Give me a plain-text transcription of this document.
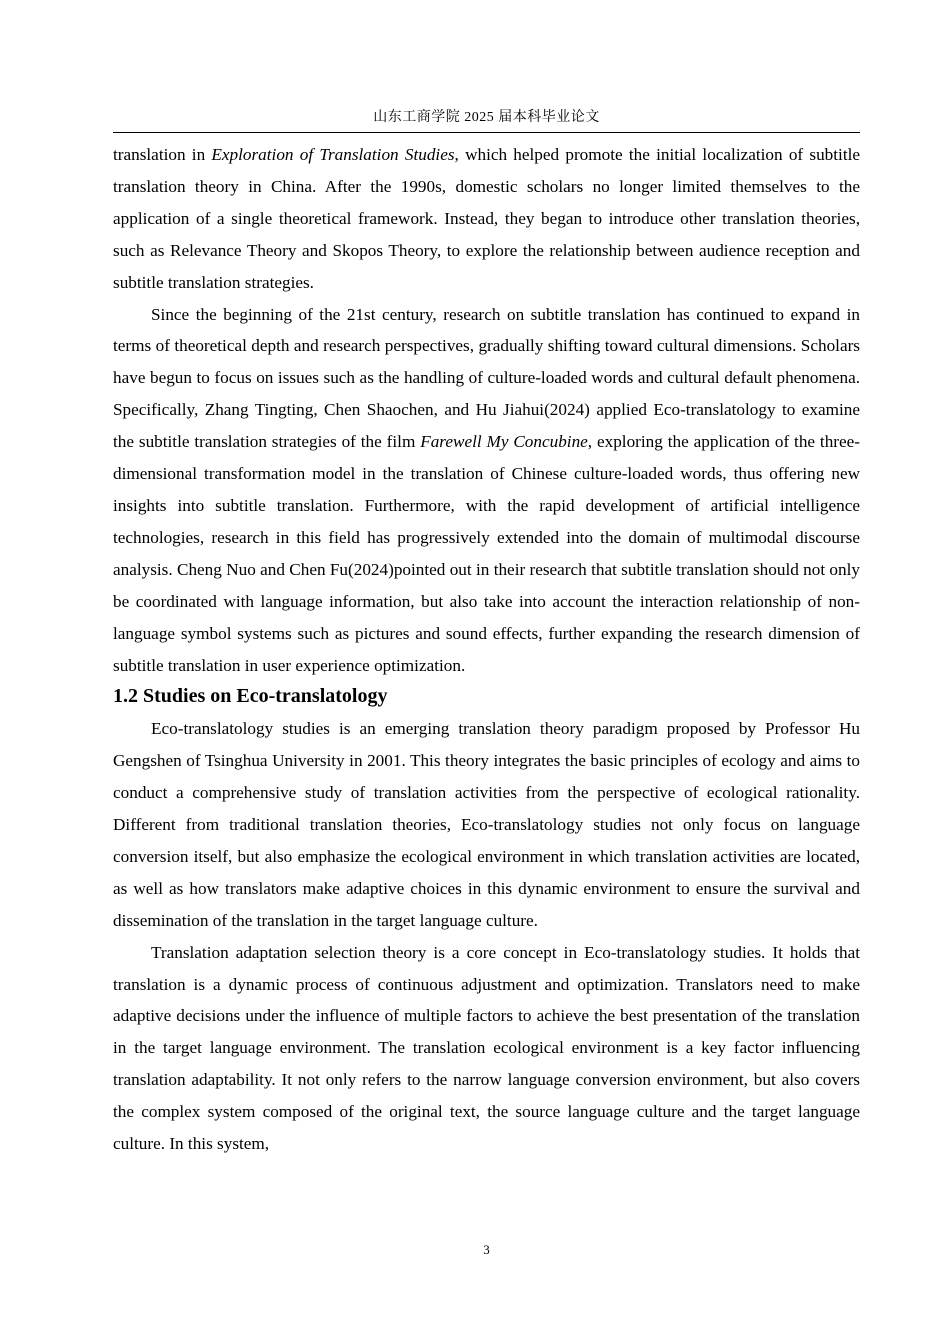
山东工商学院 2025 届本科毕业论文

translation in Exploration of Translation Studies, which helped promote the initial localization of subtitle translation theory in China. After the 1990s, domestic scholars no longer limited themselves to the application of a single theoretical framework. Instead, they began to introduce other translation theories, such as Relevance Theory and Skopos Theory, to explore the relationship between audience reception and subtitle translation strategies.

Since the beginning of the 21st century, research on subtitle translation has continued to expand in terms of theoretical depth and research perspectives, gradually shifting toward cultural dimensions. Scholars have begun to focus on issues such as the handling of culture-loaded words and cultural default phenomena. Specifically, Zhang Tingting, Chen Shaochen, and Hu Jiahui(2024) applied Eco-translatology to examine the subtitle translation strategies of the film Farewell My Concubine, exploring the application of the three-dimensional transformation model in the translation of Chinese culture-loaded words, thus offering new insights into subtitle translation. Furthermore, with the rapid development of artificial intelligence technologies, research in this field has progressively extended into the domain of multimodal discourse analysis. Cheng Nuo and Chen Fu(2024)pointed out in their research that subtitle translation should not only be coordinated with language information, but also take into account the interaction relationship of non-language symbol systems such as pictures and sound effects, further expanding the research dimension of subtitle translation in user experience optimization.

1.2 Studies on Eco-translatology

Eco-translatology studies is an emerging translation theory paradigm proposed by Professor Hu Gengshen of Tsinghua University in 2001. This theory integrates the basic principles of ecology and aims to conduct a comprehensive study of translation activities from the perspective of ecological rationality. Different from traditional translation theories, Eco-translatology studies not only focus on language conversion itself, but also emphasize the ecological environment in which translation activities are located, as well as how translators make adaptive choices in this dynamic environment to ensure the survival and dissemination of the translation in the target language culture.

Translation adaptation selection theory is a core concept in Eco-translatology studies. It holds that translation is a dynamic process of continuous adjustment and optimization. Translators need to make adaptive decisions under the influence of multiple factors to achieve the best presentation of the translation in the target language environment. The translation ecological environment is a key factor influencing translation adaptability. It not only refers to the narrow language conversion environment, but also covers the complex system composed of the original text, the source language culture and the target language culture. In this system,

3
